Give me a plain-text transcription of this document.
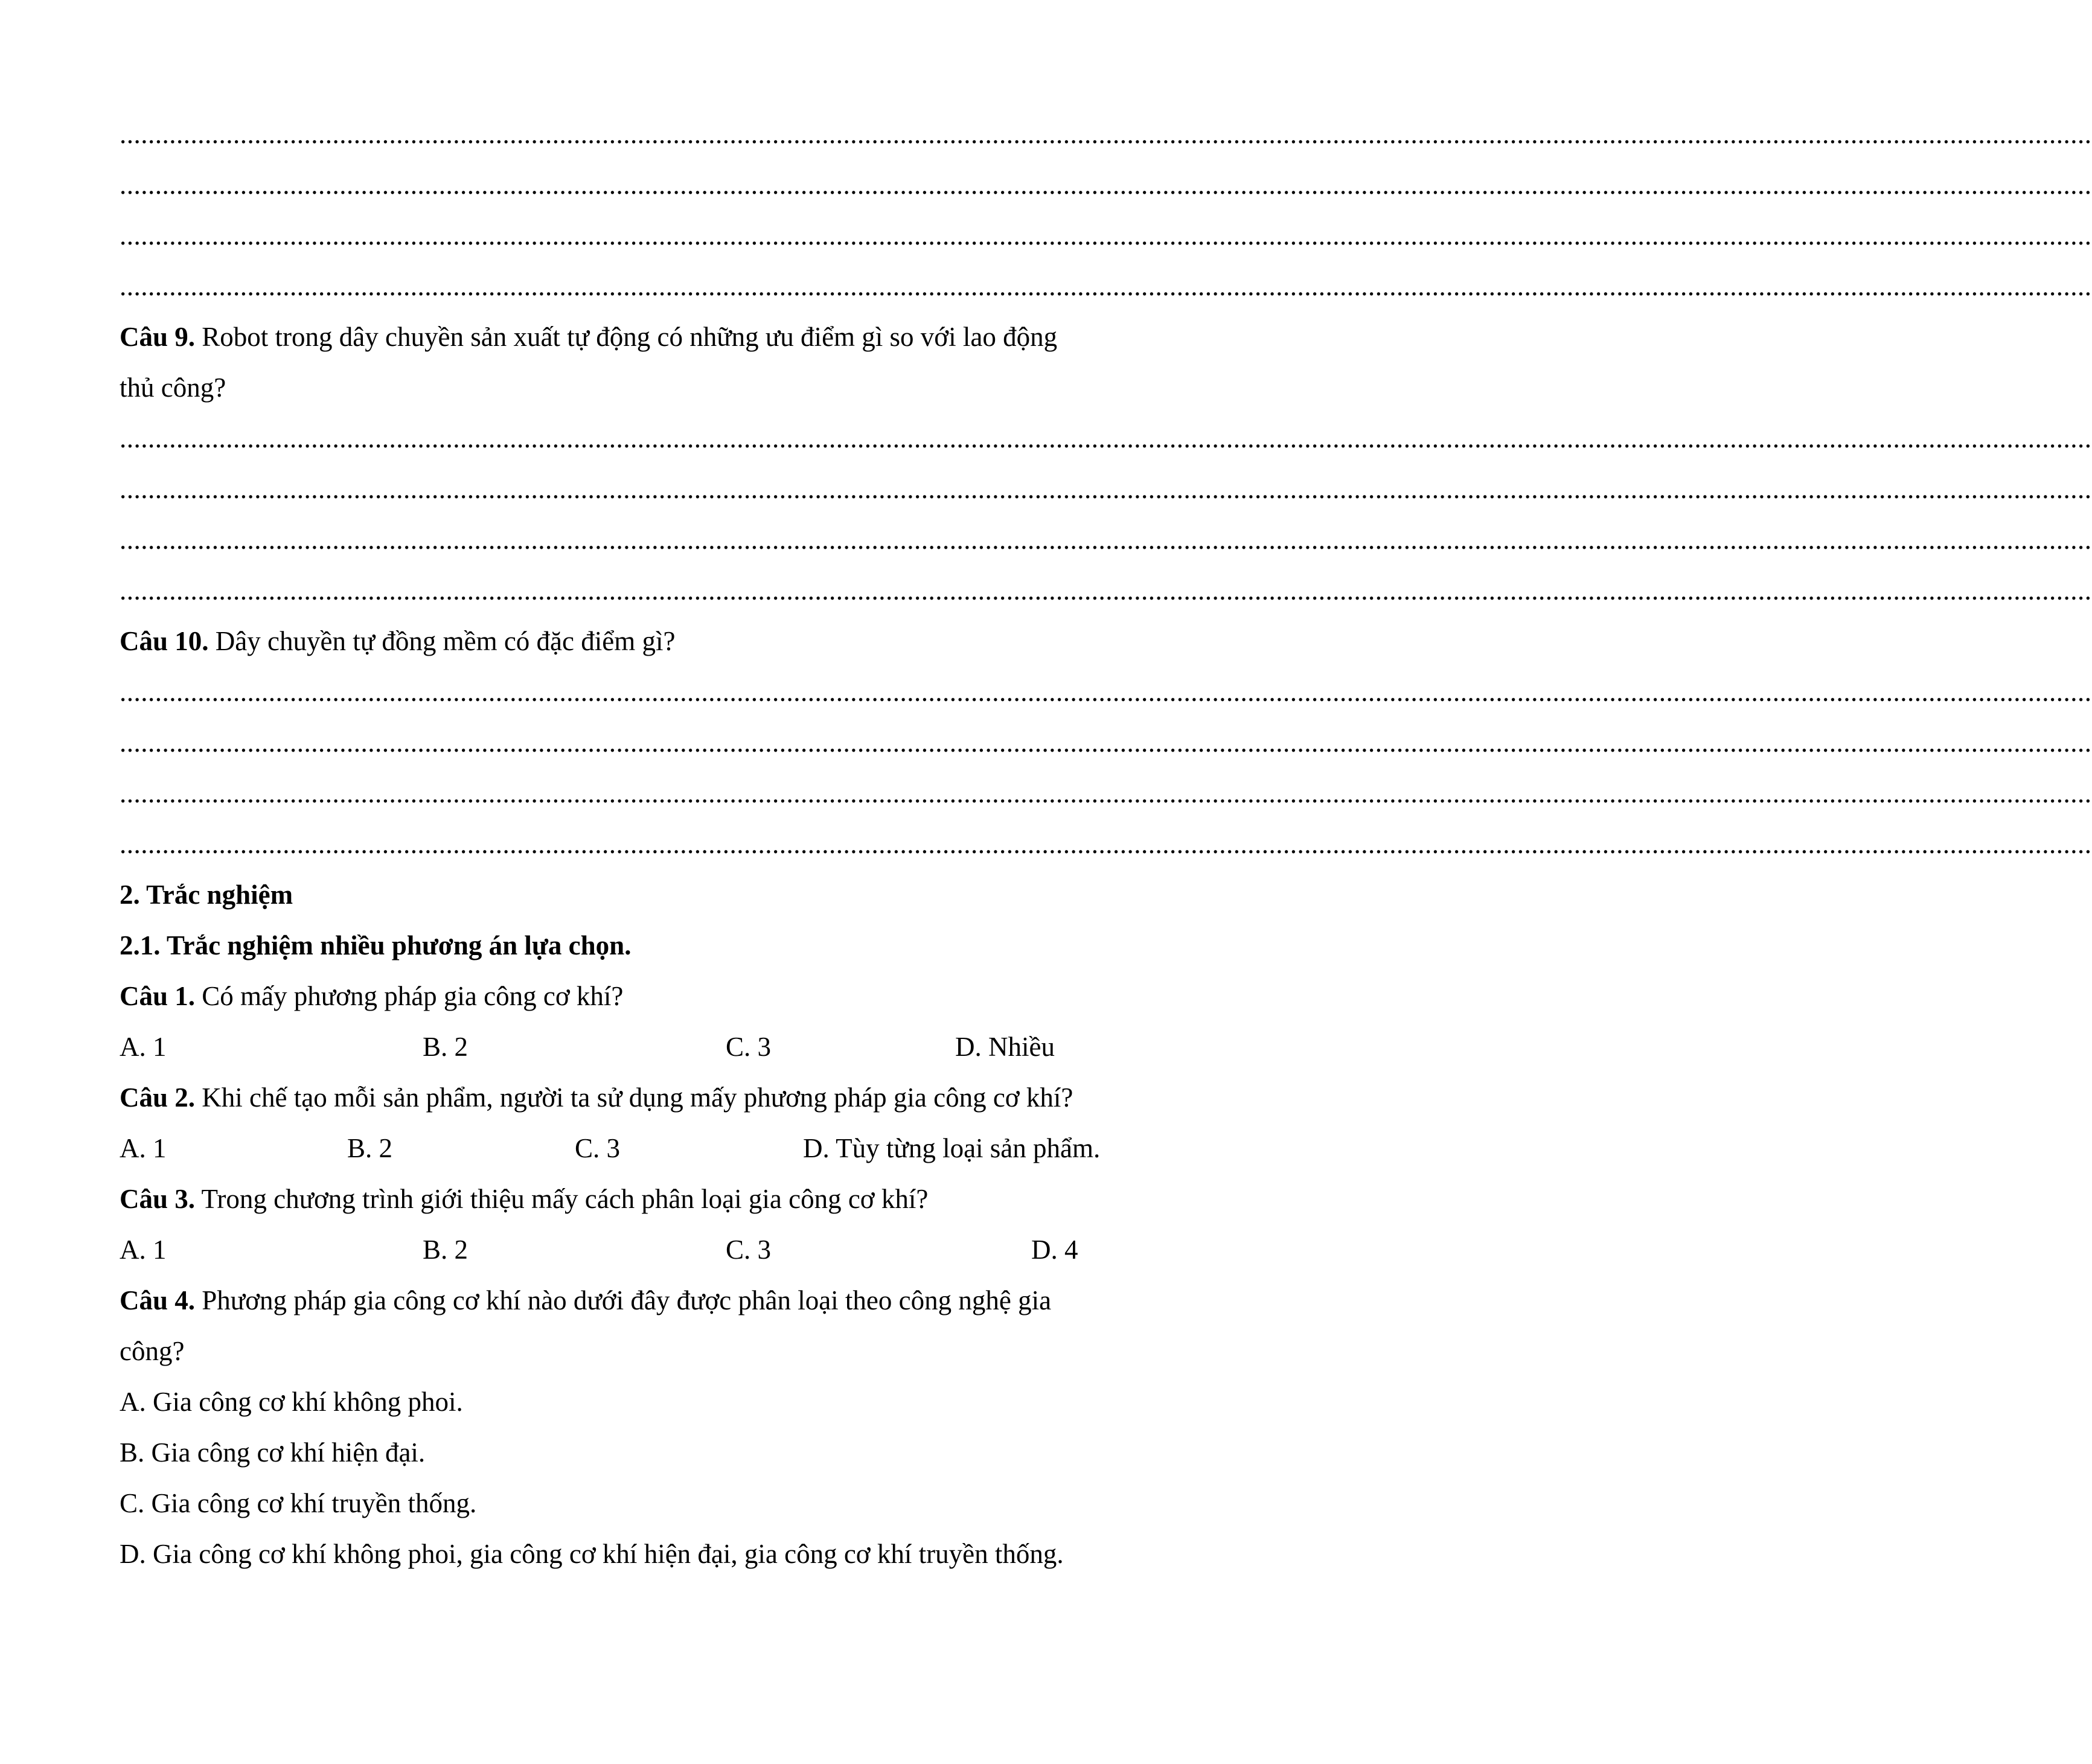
......................................................................................................................................................................................................................................................................................
......................................................................................................................................................................................................................................................................................
......................................................................................................................................................................................................................................................................................
......................................................................................................................................................................................................................................................................................
Câu 9. Robot trong dây chuyền sản xuất tự động có những ưu điểm gì so với lao động
thủ công?
......................................................................................................................................................................................................................................................................................
......................................................................................................................................................................................................................................................................................
......................................................................................................................................................................................................................................................................................
......................................................................................................................................................................................................................................................................................
Câu 10. Dây chuyền tự đồng mềm có đặc điểm gì?
......................................................................................................................................................................................................................................................................................
......................................................................................................................................................................................................................................................................................
......................................................................................................................................................................................................................................................................................
......................................................................................................................................................................................................................................................................................
2. Trắc nghiệm
2.1. Trắc nghiệm nhiều phương án lựa chọn.
Câu 1. Có mấy phương pháp gia công cơ khí?
A. 1	B. 2	C. 3	D. Nhiều
Câu 2. Khi chế tạo mỗi sản phẩm, người ta sử dụng mấy phương pháp gia công cơ khí?
A. 1	B. 2	C. 3	D. Tùy từng loại sản phẩm.
Câu 3. Trong chương trình giới thiệu mấy cách phân loại gia công cơ khí?
A. 1	B. 2	C. 3	D. 4
Câu 4. Phương pháp gia công cơ khí nào dưới đây được phân loại theo công nghệ gia
công?
A. Gia công cơ khí không phoi.
B. Gia công cơ khí hiện đại.
C. Gia công cơ khí truyền thống.
D. Gia công cơ khí không phoi, gia công cơ khí hiện đại, gia công cơ khí truyền thống.
